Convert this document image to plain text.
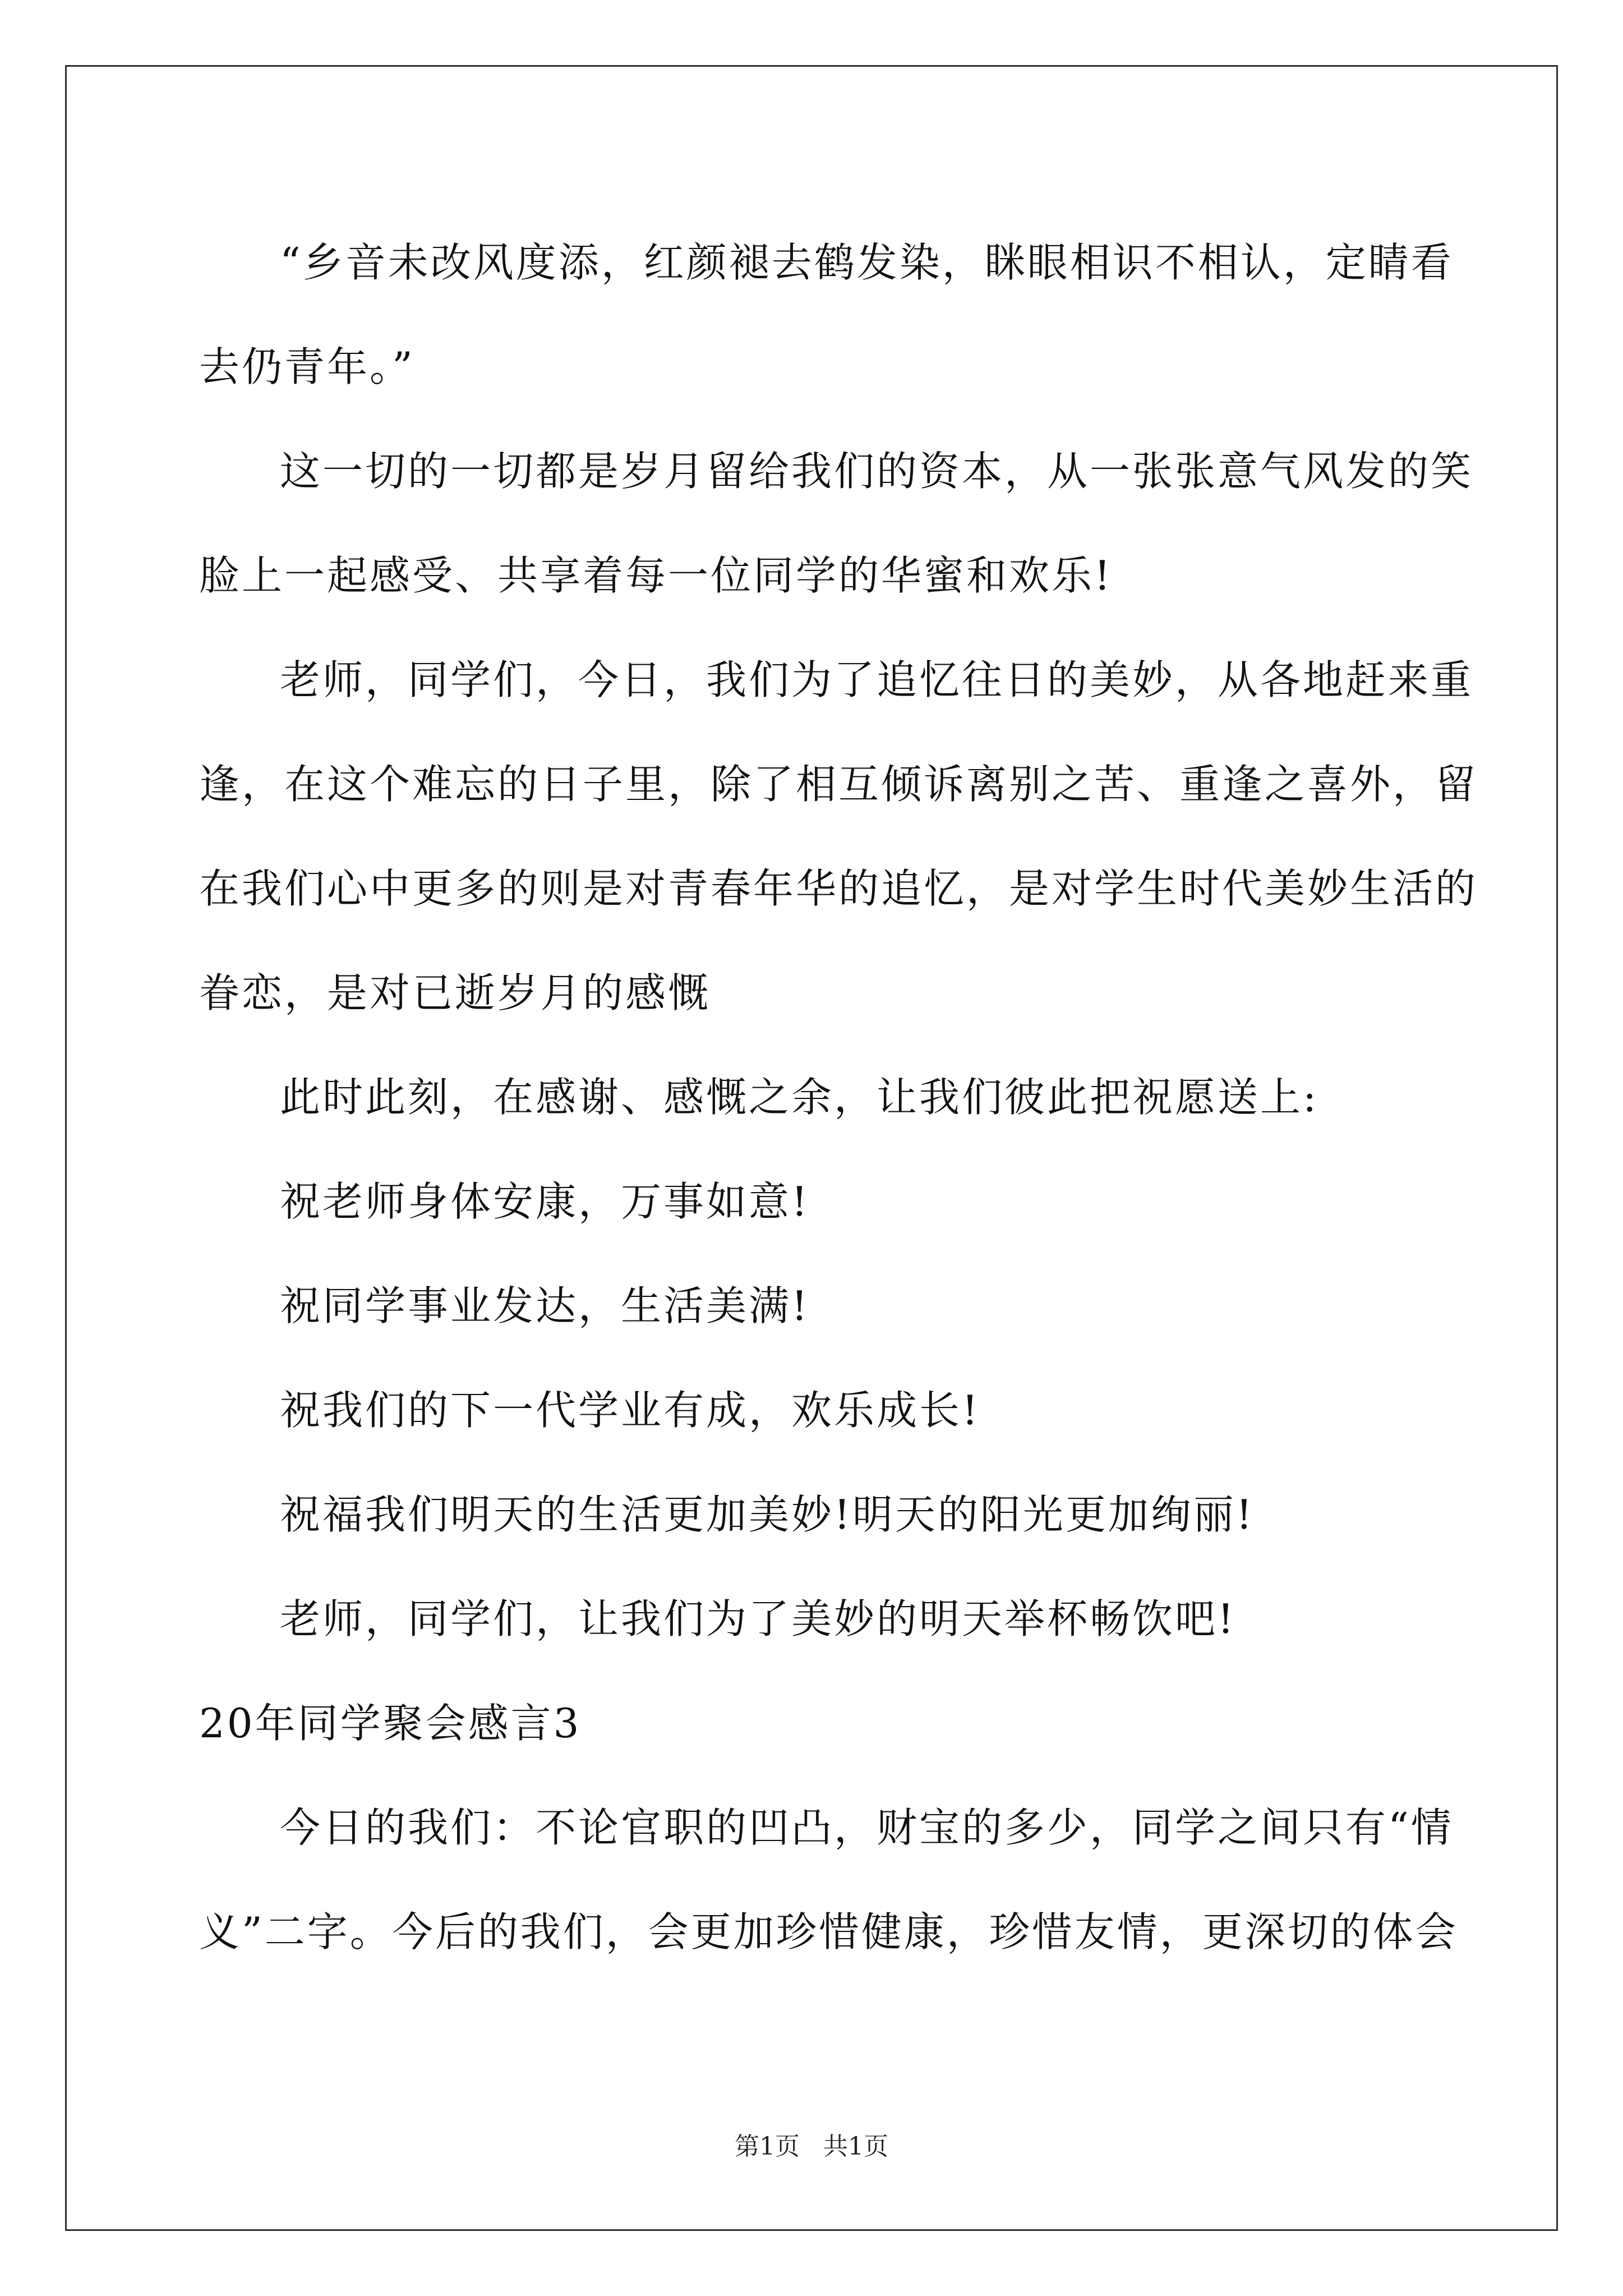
“乡音未改风度添，红颜褪去鹤发染，眯眼相识不相认，定睛看
去仍青年。”
这一切的一切都是岁月留给我们的资本，从一张张意气风发的笑
脸上一起感受、共享着每一位同学的华蜜和欢乐!
老师，同学们，今日，我们为了追忆往日的美妙，从各地赶来重
逢，在这个难忘的日子里，除了相互倾诉离别之苦、重逢之喜外，留
在我们心中更多的则是对青春年华的追忆，是对学生时代美妙生活的
眷恋，是对已逝岁月的感慨
此时此刻，在感谢、感慨之余，让我们彼此把祝愿送上:
祝老师身体安康，万事如意!
祝同学事业发达，生活美满!
祝我们的下一代学业有成，欢乐成长!
祝福我们明天的生活更加美妙!明天的阳光更加绚丽!
老师，同学们，让我们为了美妙的明天举杯畅饮吧!
20年同学聚会感言3
今日的我们：不论官职的凹凸，财宝的多少，同学之间只有“情
义”二字。今后的我们，会更加珍惜健康，珍惜友情，更深切的体会
第1页 共1页
